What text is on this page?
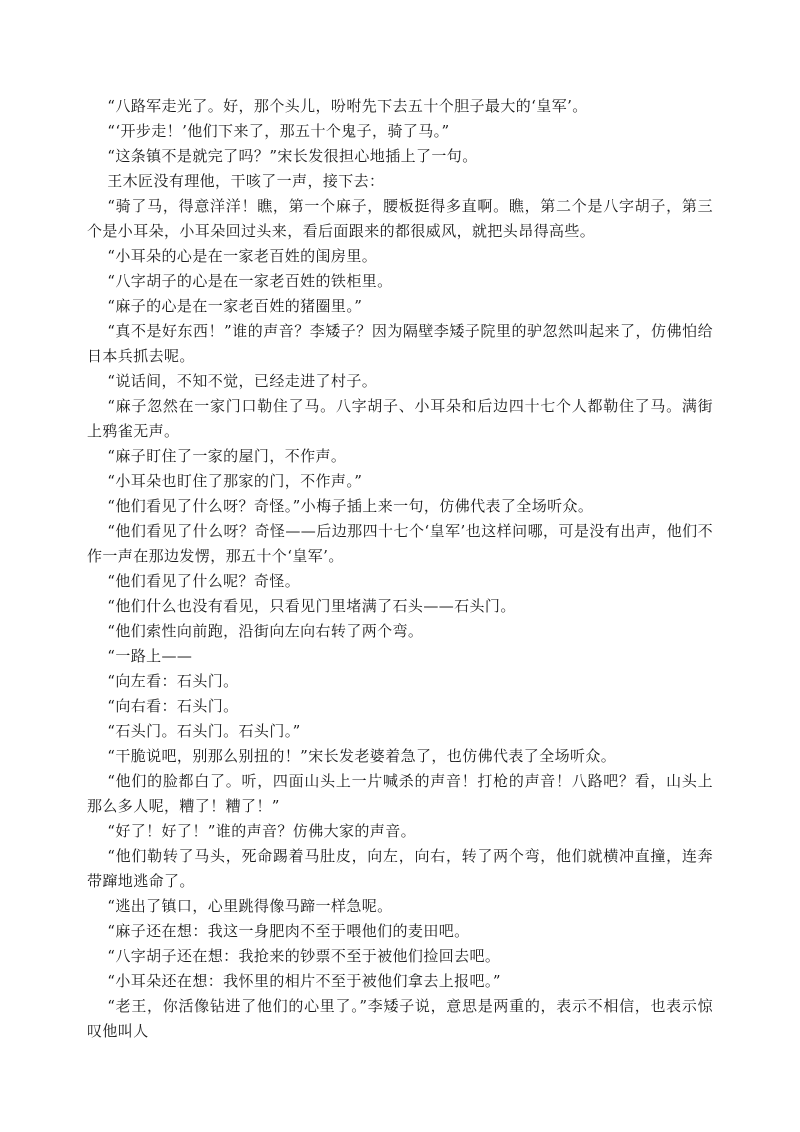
“八路军走光了。好，那个头儿，吩咐先下去五十个胆子最大的‘皇军’。

“‘开步走！’他们下来了，那五十个鬼子，骑了马。”

“这条镇不是就完了吗？”宋长发很担心地插上了一句。

王木匠没有理他，干咳了一声，接下去：

“骑了马，得意洋洋！瞧，第一个麻子，腰板挺得多直啊。瞧，第二个是八字胡子，第三个是小耳朵，小耳朵回过头来，看后面跟来的都很威风，就把头昂得高些。

“小耳朵的心是在一家老百姓的闺房里。

“八字胡子的心是在一家老百姓的铁柜里。

“麻子的心是在一家老百姓的猪圈里。”

“真不是好东西！”谁的声音？李矮子？因为隔壁李矮子院里的驴忽然叫起来了，仿佛怕给日本兵抓去呢。

“说话间，不知不觉，已经走进了村子。

“麻子忽然在一家门口勒住了马。八字胡子、小耳朵和后边四十七个人都勒住了马。满街上鸦雀无声。

“麻子盯住了一家的屋门，不作声。

“小耳朵也盯住了那家的门，不作声。”

“他们看见了什么呀？奇怪。”小梅子插上来一句，仿佛代表了全场听众。

“他们看见了什么呀？奇怪——后边那四十七个‘皇军’也这样问哪，可是没有出声，他们不作一声在那边发愣，那五十个‘皇军’。

“他们看见了什么呢？奇怪。

“他们什么也没有看见，只看见门里堵满了石头——石头门。

“他们索性向前跑，沿街向左向右转了两个弯。

“一路上——

“向左看：石头门。

“向右看：石头门。

“石头门。石头门。石头门。”

“干脆说吧，别那么别扭的！”宋长发老婆着急了，也仿佛代表了全场听众。

“他们的脸都白了。听，四面山头上一片喊杀的声音！打枪的声音！八路吧？看，山头上那么多人呢，糟了！糟了！”

“好了！好了！”谁的声音？仿佛大家的声音。

“他们勒转了马头，死命踢着马肚皮，向左，向右，转了两个弯，他们就横冲直撞，连奔带蹿地逃命了。

“逃出了镇口，心里跳得像马蹄一样急呢。

“麻子还在想：我这一身肥肉不至于喂他们的麦田吧。

“八字胡子还在想：我抢来的钞票不至于被他们捡回去吧。

“小耳朵还在想：我怀里的相片不至于被他们拿去上报吧。”

“老王，你活像钻进了他们的心里了。”李矮子说，意思是两重的，表示不相信，也表示惊叹他叫人
